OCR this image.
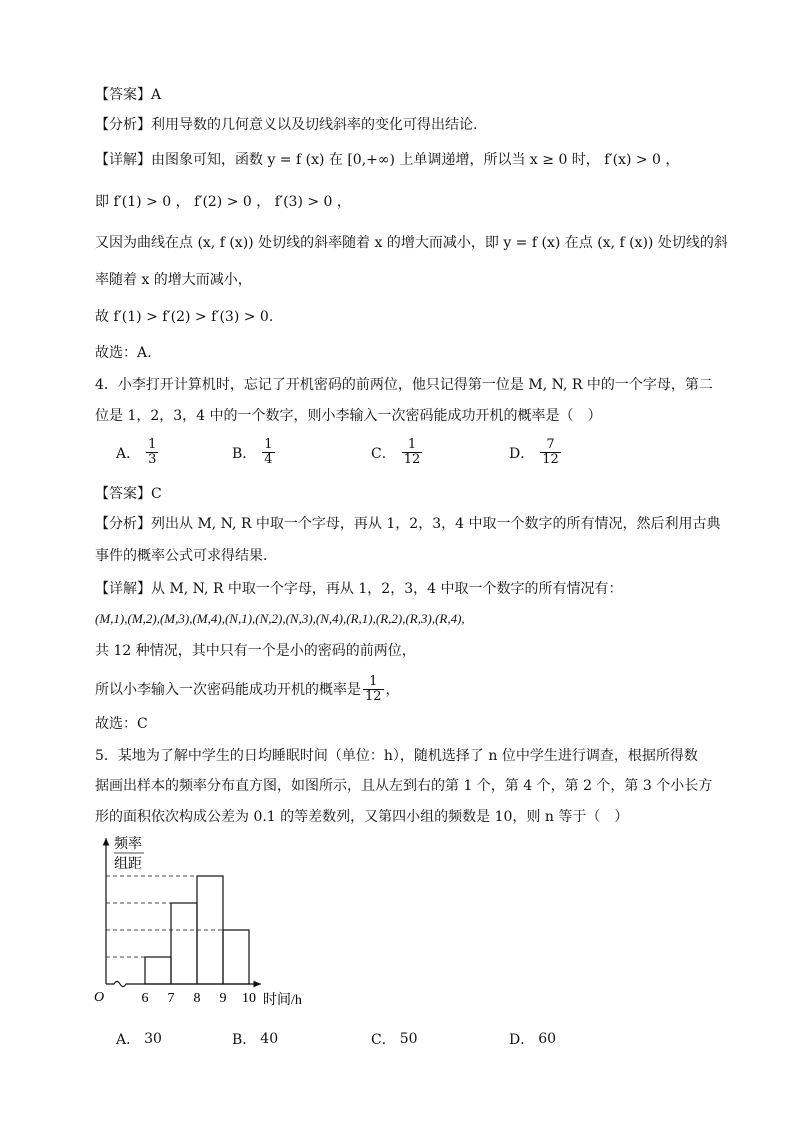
【答案】A
【分析】利用导数的几何意义以及切线斜率的变化可得出结论.
【详解】由图象可知，函数 y = f (x) 在 [0,+∞) 上单调递增，所以当 x ≥ 0 时， f′(x) > 0 ，
即 f′(1) > 0 ， f′(2) > 0 ， f′(3) > 0 ，
又因为曲线在点 (x, f (x)) 处切线的斜率随着 x 的增大而减小，即 y = f (x) 在点 (x, f (x)) 处切线的斜
率随着 x 的增大而减小，
故 f′(1) > f′(2) > f′(3) > 0.
故选：A.
4．小李打开计算机时，忘记了开机密码的前两位，他只记得第一位是 M, N, R 中的一个字母，第二
位是 1，2，3，4 中的一个数字，则小李输入一次密码能成功开机的概率是（　）
A． $\frac{1}{3}$	B． $\frac{1}{4}$	C． $\frac{1}{12}$	D． $\frac{7}{12}$
【答案】C
【分析】列出从 M, N, R 中取一个字母，再从 1，2，3，4 中取一个数字的所有情况，然后利用古典
事件的概率公式可求得结果.
【详解】从 M, N, R 中取一个字母，再从 1，2，3，4 中取一个数字的所有情况有：
(M,1),(M,2),(M,3),(M,4),(N,1),(N,2),(N,3),(N,4),(R,1),(R,2),(R,3),(R,4),
共 12 种情况，其中只有一个是小的密码的前两位，
所以小李输入一次密码能成功开机的概率是 $\frac{1}{12}$ ，
故选：C
5．某地为了解中学生的日均睡眠时间（单位：h），随机选择了 n 位中学生进行调查，根据所得数
据画出样本的频率分布直方图，如图所示，且从左到右的第 1 个，第 4 个，第 2 个，第 3 个小长方
形的面积依次构成公差为 0.1 的等差数列，又第四小组的频数是 10，则 n 等于（　）
频率
组距
O	6 7 8 9 10 时间/h
A． 30	B． 40	C． 50	D． 60
